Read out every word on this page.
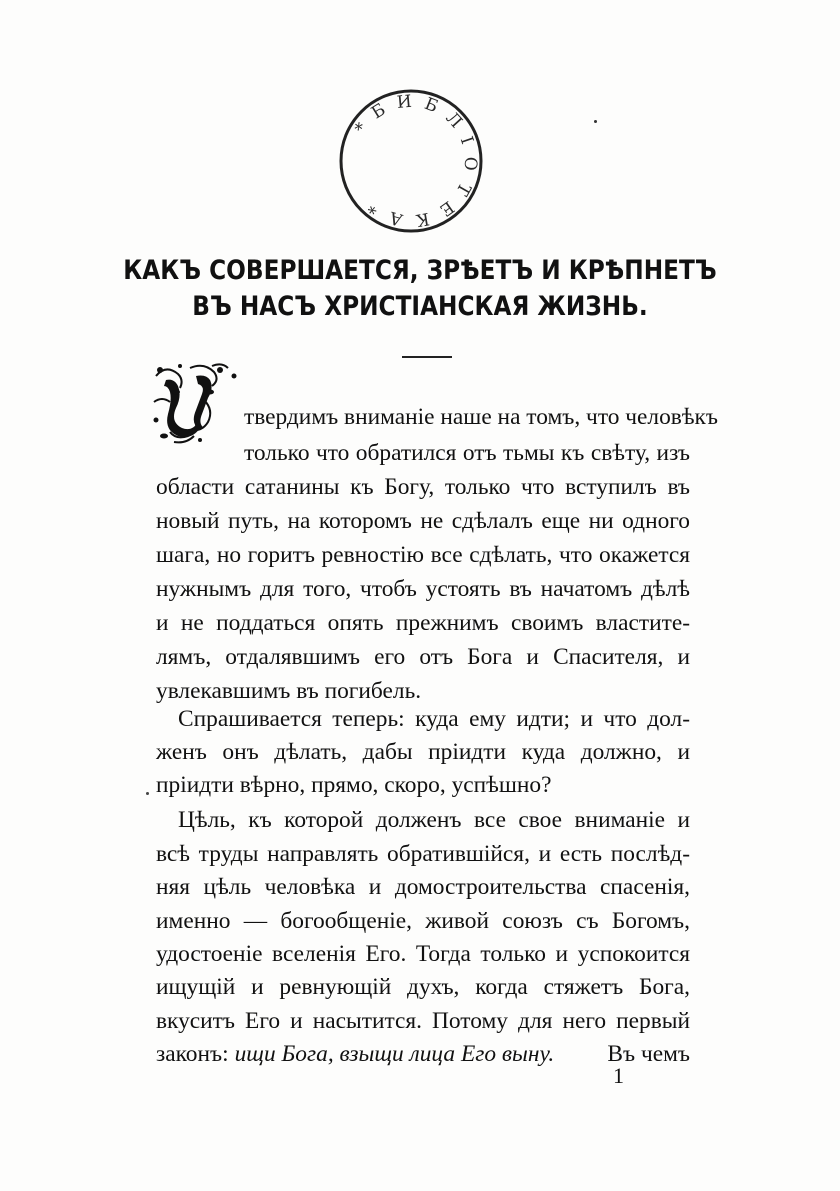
* Б И Б Л І О Т Е К А *
КАКЪ СОВЕРШАЕТСЯ, ЗРѢЕТЪ И КРѢПНЕТЪ
ВЪ НАСЪ ХРИСТІАНСКАЯ ЖИЗНЬ.
твердимъ вниманіе наше на томъ, что человѣкъ
только что обратился отъ тьмы къ свѣту, изъ
области сатанины къ Богу, только что вступилъ въ
новый путь, на которомъ не сдѣлалъ еще ни одного
шага, но горитъ ревностію все сдѣлать, что окажется
нужнымъ для того, чтобъ устоять въ начатомъ дѣлѣ
и не поддаться опять прежнимъ своимъ властите-
лямъ, отдалявшимъ его отъ Бога и Спасителя, и
увлекавшимъ въ погибель.
Спрашивается теперь: куда ему идти; и что дол-
женъ онъ дѣлать, дабы пріидти куда должно, и
пріидти вѣрно, прямо, скоро, успѣшно?
Цѣль, къ которой долженъ все свое вниманіе и
всѣ труды направлять обратившійся, и есть послѣд-
няя цѣль человѣка и домостроительства спасенія,
именно — богообщеніе, живой союзъ съ Богомъ,
удостоеніе вселенія Его. Тогда только и успокоится
ищущій и ревнующій духъ, когда стяжетъ Бога,
вкуситъ Его и насытится. Потому для него первый
законъ: ищи Бога, взыщи лица Его выну.	Въ чемъ
1
